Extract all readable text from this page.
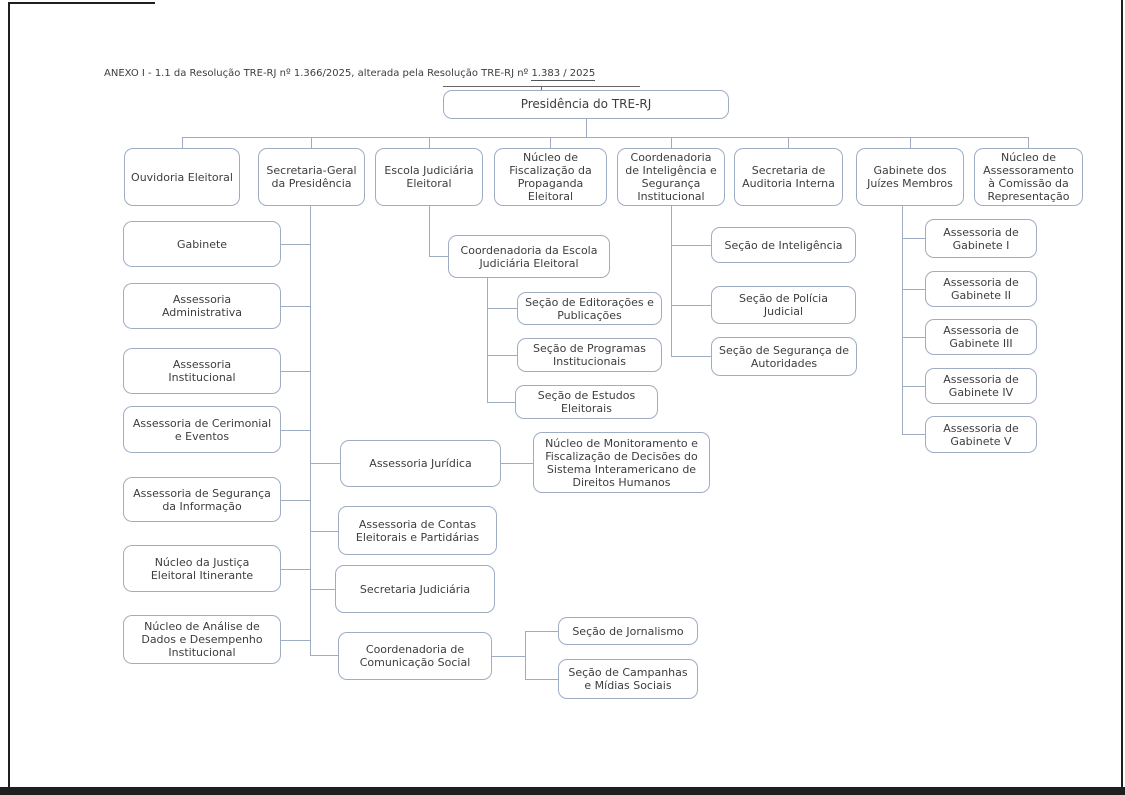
ANEXO I - 1.1 da Resolução TRE-RJ nº 1.366/2025, alterada pela Resolução TRE-RJ nº 1.383 / 2025
Presidência do TRE-RJ
Ouvidoria Eleitoral	Secretaria-Geral da Presidência
Escola Judiciária Eleitoral
Núcleo de Fiscalização da Propaganda Eleitoral
Coordenadoria de Inteligência e Segurança Institucional
Secretaria de Auditoria Interna
Gabinete dos Juízes Membros
Núcleo de Assessoramento à Comissão da Representação
Gabinete
Assessoria Administrativa
Assessoria Institucional
Assessoria de Cerimonial e Eventos
Assessoria de Segurança da Informação
Núcleo da Justiça Eleitoral Itinerante
Núcleo de Análise de Dados e Desempenho Institucional
Coordenadoria da Escola Judiciária Eleitoral
Seção de Editorações e Publicações
Seção de Programas Institucionais
Seção de Estudos Eleitorais
Assessoria Jurídica
Núcleo de Monitoramento e Fiscalização de Decisões do Sistema Interamericano de Direitos Humanos
Assessoria de Contas Eleitorais e Partidárias
Secretaria Judiciária
Coordenadoria de Comunicação Social
Seção de Jornalismo
Seção de Campanhas e Mídias Sociais
Seção de Inteligência
Seção de Polícia Judicial
Seção de Segurança de Autoridades
Assessoria de Gabinete I
Assessoria de Gabinete II
Assessoria de Gabinete III
Assessoria de Gabinete IV
Assessoria de Gabinete V
